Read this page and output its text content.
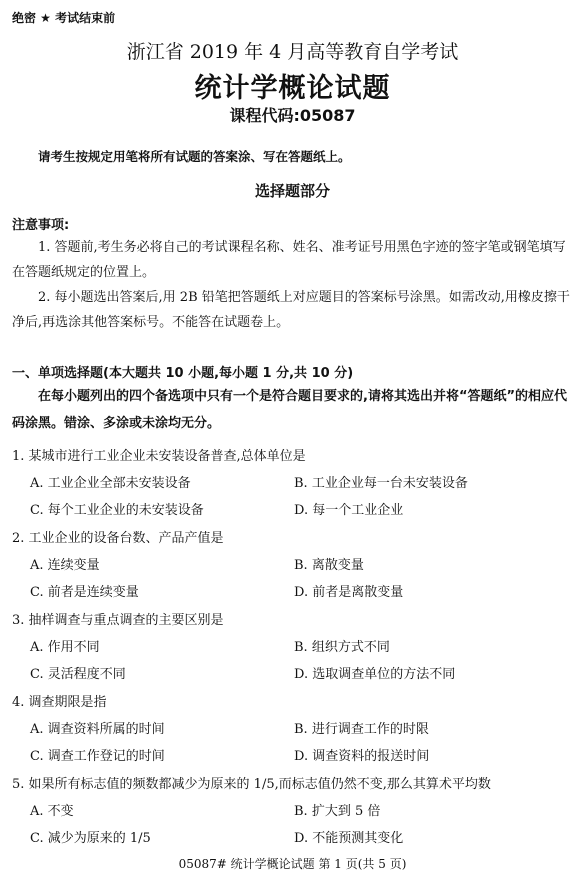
绝密 ★ 考试结束前
浙江省 2019 年 4 月高等教育自学考试
统计学概论试题
课程代码:05087
请考生按规定用笔将所有试题的答案涂、写在答题纸上。
选择题部分
注意事项:

1. 答题前,考生务必将自己的考试课程名称、姓名、准考证号用黑色字迹的签字笔或钢笔填写在答题纸规定的位置上。

2. 每小题选出答案后,用 2B 铅笔把答题纸上对应题目的答案标号涂黑。如需改动,用橡皮擦干净后,再选涂其他答案标号。不能答在试题卷上。

一、单项选择题(本大题共 10 小题,每小题 1 分,共 10 分)
在每小题列出的四个备选项中只有一个是符合题目要求的,请将其选出并将“答题纸”的相应代码涂黑。错涂、多涂或未涂均无分。
1. 某城市进行工业企业未安装设备普查,总体单位是
A. 工业企业全部未安装设备	B. 工业企业每一台未安装设备
C. 每个工业企业的未安装设备	D. 每一个工业企业
2. 工业企业的设备台数、产品产值是
A. 连续变量	B. 离散变量
C. 前者是连续变量	D. 前者是离散变量
3. 抽样调查与重点调查的主要区别是
A. 作用不同	B. 组织方式不同
C. 灵活程度不同	D. 选取调查单位的方法不同
4. 调查期限是指
A. 调查资料所属的时间	B. 进行调查工作的时限
C. 调查工作登记的时间	D. 调查资料的报送时间
5. 如果所有标志值的频数都减少为原来的 1/5,而标志值仍然不变,那么其算术平均数
A. 不变	B. 扩大到 5 倍
C. 减少为原来的 1/5	D. 不能预测其变化
05087# 统计学概论试题 第 1 页(共 5 页)
